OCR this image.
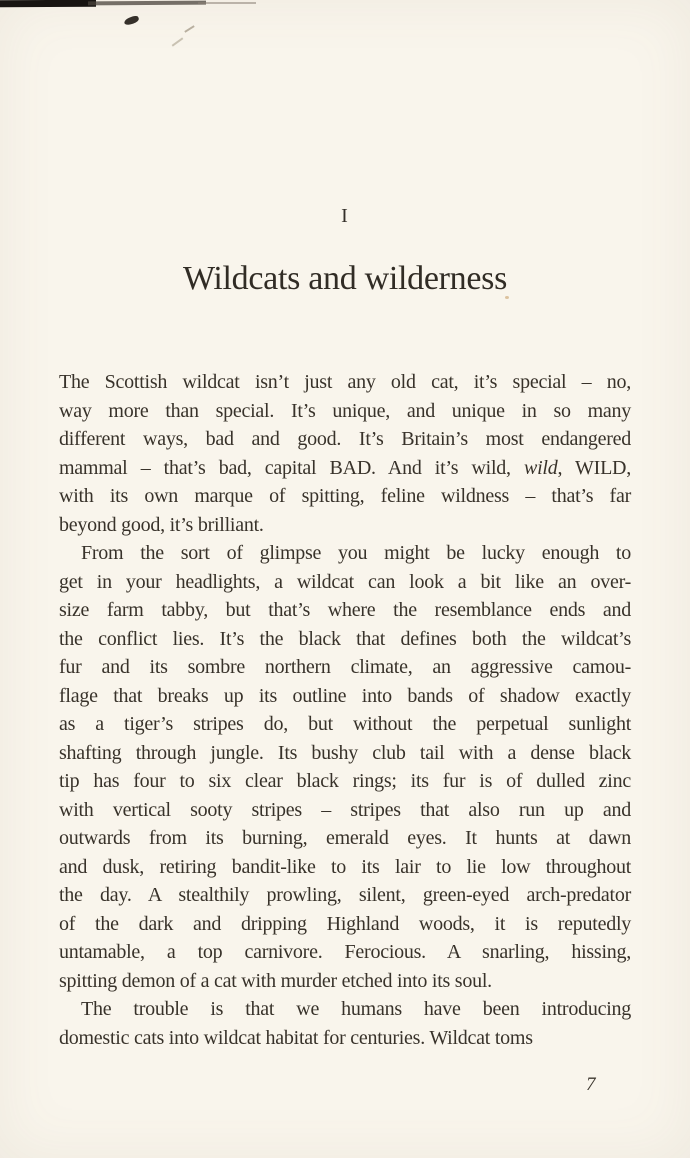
I
Wildcats and wilderness
The Scottish wildcat isn’t just any old cat, it’s special – no,
way more than special. It’s unique, and unique in so many
different ways, bad and good. It’s Britain’s most endangered
mammal – that’s bad, capital BAD. And it’s wild, wild, WILD,
with its own marque of spitting, feline wildness – that’s far
beyond good, it’s brilliant.
From the sort of glimpse you might be lucky enough to
get in your headlights, a wildcat can look a bit like an over-
size farm tabby, but that’s where the resemblance ends and
the conflict lies. It’s the black that defines both the wildcat’s
fur and its sombre northern climate, an aggressive camou-
flage that breaks up its outline into bands of shadow exactly
as a tiger’s stripes do, but without the perpetual sunlight
shafting through jungle. Its bushy club tail with a dense black
tip has four to six clear black rings; its fur is of dulled zinc
with vertical sooty stripes – stripes that also run up and
outwards from its burning, emerald eyes. It hunts at dawn
and dusk, retiring bandit-like to its lair to lie low throughout
the day. A stealthily prowling, silent, green-eyed arch-predator
of the dark and dripping Highland woods, it is reputedly
untamable, a top carnivore. Ferocious. A snarling, hissing,
spitting demon of a cat with murder etched into its soul.
The trouble is that we humans have been introducing
domestic cats into wildcat habitat for centuries. Wildcat toms
7
